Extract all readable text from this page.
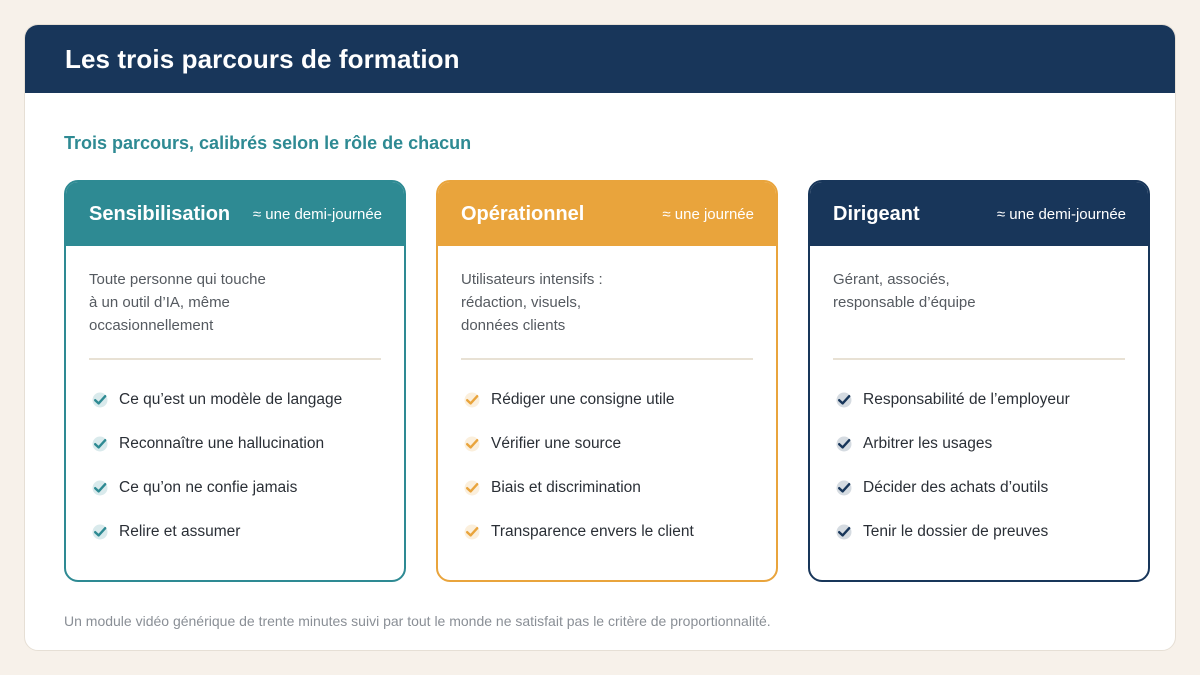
Les trois parcours de formation
Trois parcours, calibrés selon le rôle de chacun
Sensibilisation ≈ une demi-journée
Toute personne qui touche
à un outil d’IA, même
occasionnellement
Ce qu’est un modèle de langage
Reconnaître une hallucination
Ce qu’on ne confie jamais
Relire et assumer
Opérationnel	≈ une journée
Utilisateurs intensifs :
rédaction, visuels,
données clients
Rédiger une consigne utile
Vérifier une source
Biais et discrimination
Transparence envers le client
Dirigeant	≈ une demi-journée
Gérant, associés,
responsable d’équipe
Responsabilité de l’employeur
Arbitrer les usages
Décider des achats d’outils
Tenir le dossier de preuves
Un module vidéo générique de trente minutes suivi par tout le monde ne satisfait pas le critère de proportionnalité.
